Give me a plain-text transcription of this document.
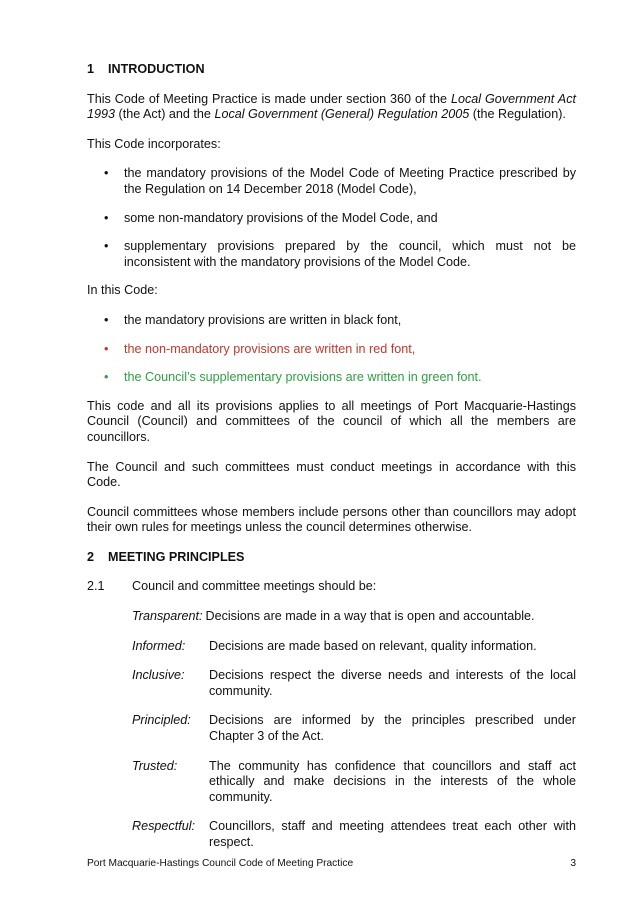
1	INTRODUCTION

This Code of Meeting Practice is made under section 360 of the Local Government Act 1993 (the Act) and the Local Government (General) Regulation 2005 (the Regulation).

This Code incorporates:

• the mandatory provisions of the Model Code of Meeting Practice prescribed by the Regulation on 14 December 2018 (Model Code),
• some non-mandatory provisions of the Model Code, and
• supplementary provisions prepared by the council, which must not be inconsistent with the mandatory provisions of the Model Code.

In this Code:

• the mandatory provisions are written in black font,
• the non-mandatory provisions are written in red font,
• the Council’s supplementary provisions are written in green font.

This code and all its provisions applies to all meetings of Port Macquarie-Hastings Council (Council) and committees of the council of which all the members are councillors.

The Council and such committees must conduct meetings in accordance with this Code.

Council committees whose members include persons other than councillors may adopt their own rules for meetings unless the council determines otherwise.

2	MEETING PRINCIPLES
2.1	Council and committee meetings should be:
Transparent: Decisions are made in a way that is open and accountable.
Informed:	Decisions are made based on relevant, quality information.
Inclusive:	Decisions respect the diverse needs and interests of the local community.
Principled:	Decisions are informed by the principles prescribed under Chapter 3 of the Act.
Trusted:	The community has confidence that councillors and staff act ethically and make decisions in the interests of the whole community.
Respectful:	Councillors, staff and meeting attendees treat each other with respect.
Port Macquarie-Hastings Council Code of Meeting Practice	3
